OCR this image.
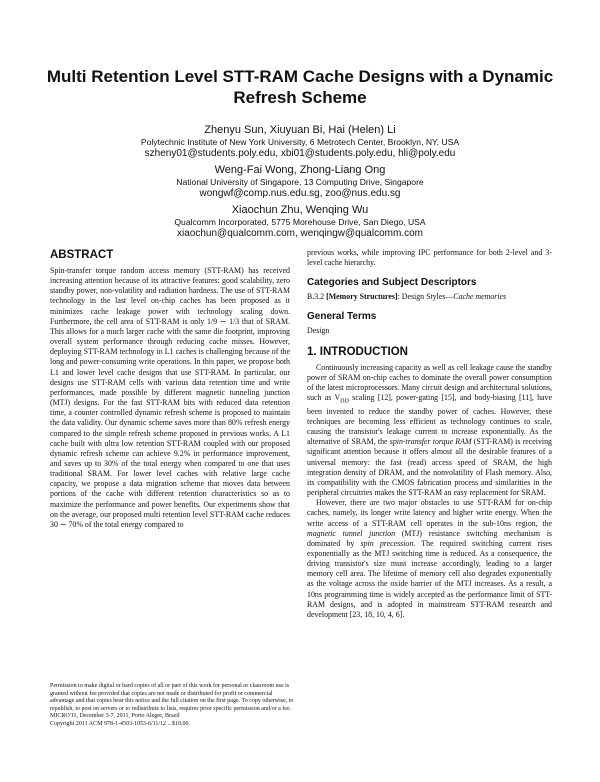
Multi Retention Level STT-RAM Cache Designs with a Dynamic Refresh Scheme
Zhenyu Sun, Xiuyuan Bi, Hai (Helen) Li
Polytechnic Institute of New York University, 6 Metrotech Center, Brooklyn, NY, USA
szheny01@students.poly.edu, xbi01@students.poly.edu, hli@poly.edu
Weng-Fai Wong, Zhong-Liang Ong
National University of Singapore, 13 Computing Drive, Singapore
wongwf@comp.nus.edu.sg, zoo@nus.edu.sg
Xiaochun Zhu, Wenqing Wu
Qualcomm Incorporated, 5775 Morehouse Drive, San Diego, USA
xiaochun@qualcomm.com, wenqingw@qualcomm.com
ABSTRACT

Spin-transfer torque random access memory (STT-RAM) has received increasing attention because of its attractive features: good scalability, zero standby power, non-volatility and radiation hardness. The use of STT-RAM technology in the last level on-chip caches has been proposed as it minimizes cache leakage power with technology scaling down. Furthermore, the cell area of STT-RAM is only 1/9 ∼ 1/3 that of SRAM. This allows for a much larger cache with the same die footprint, improving overall system performance through reducing cache misses. However, deploying STT-RAM technology in L1 caches is challenging because of the long and power-consuming write operations. In this paper, we propose both L1 and lower level cache designs that use STT-RAM. In particular, our designs use STT-RAM cells with various data retention time and write performances, made possible by different magnetic tunneling junction (MTJ) designs. For the fast STT-RAM bits with reduced data retention time, a counter controlled dynamic refresh scheme is proposed to maintain the data validity. Our dynamic scheme saves more than 80% refresh energy compared to the simple refresh scheme proposed in previous works. A L1 cache built with ultra low retention STT-RAM coupled with our proposed dynamic refresh scheme can achieve 9.2% in performance improvement, and saves up to 30% of the total energy when compared to one that uses traditional SRAM. For lower level caches with relative large cache capacity, we propose a data migration scheme that moves data between portions of the cache with different retention characteristics so as to maximize the performance and power benefits. Our experiments show that on the average, our proposed multi retention level STT-RAM cache reduces 30 ∼ 70% of the total energy compared to

Permission to make digital or hard copies of all or part of this work for personal or classroom use is granted without fee provided that copies are not made or distributed for profit or commercial advantage and that copies bear this notice and the full citation on the first page. To copy otherwise, to republish, to post on servers or to redistribute to lists, requires prior specific permission and/or a fee.

MICRO'11, December 3-7, 2011, Porto Alegre, Brazil

Copyright 2011 ACM 978-1-4503-1053-6/11/12 ...$10.00.

previous works, while improving IPC performance for both 2-level and 3-level cache hierarchy.

Categories and Subject Descriptors

B.3.2 [Memory Structures]: Design Styles—Cache memories

General Terms

Design

1. INTRODUCTION

Continuously increasing capacity as well as cell leakage cause the standby power of SRAM on-chip caches to dominate the overall power consumption of the latest microprocessors. Many circuit design and architectural solutions, such as $V_{DD}$ scaling [12], power-gating [15], and body-biasing [11], have been invented to reduce the standby power of caches. However, these techniques are becoming less efficient as technology continues to scale, causing the transistor's leakage current to increase exponentially. As the alternative of SRAM, the spin-transfer torque RAM (STT-RAM) is receiving significant attention because it offers almost all the desirable features of a universal memory: the fast (read) access speed of SRAM, the high integration density of DRAM, and the nonvolatility of Flash memory. Also, its compatibility with the CMOS fabrication process and similarities in the peripheral circuitries makes the STT-RAM an easy replacement for SRAM.

However, there are two major obstacles to use STT-RAM for on-chip caches, namely, its longer write latency and higher write energy. When the write access of a STT-RAM cell operates in the sub-10ns region, the magnetic tunnel junction (MTJ) resistance switching mechanism is dominated by spin precession. The required switching current rises exponentially as the MTJ switching time is reduced. As a consequence, the driving transistor's size must increase accordingly, leading to a larger memory cell area. The lifetime of memory cell also degrades exponentially as the voltage across the oxide barrier of the MTJ increases. As a result, a 10ns programming time is widely accepted as the performance limit of STT-RAM designs, and is adopted in mainstream STT-RAM research and development [23, 18, 10, 4, 6].
